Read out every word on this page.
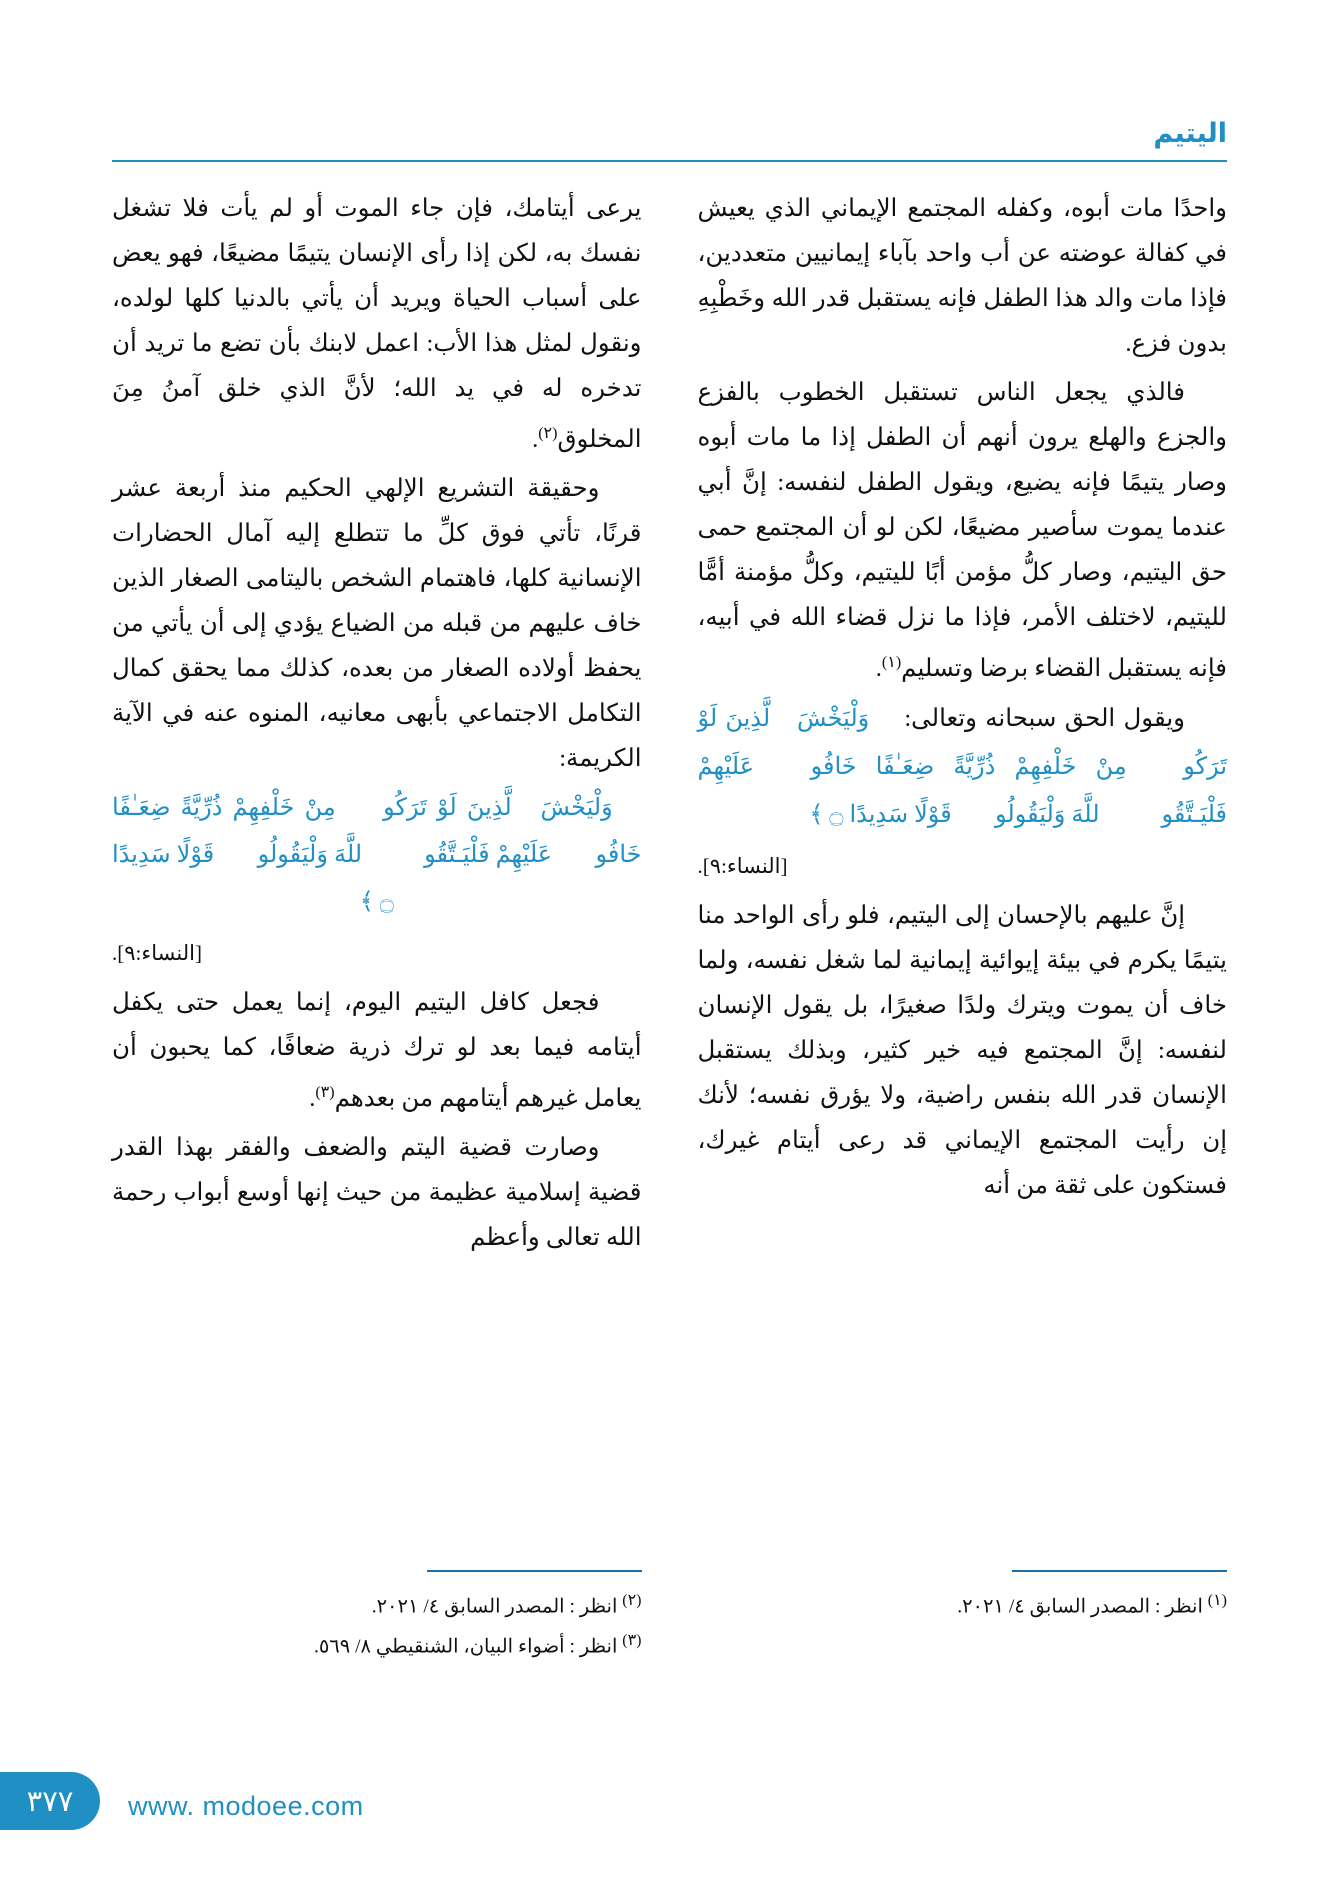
اليتيم

واحدًا مات أبوه، وكفله المجتمع الإيماني الذي يعيش في كفالة عوضته عن أب واحد بآباء إيمانيين متعددين، فإذا مات والد هذا الطفل فإنه يستقبل قدر الله وخَطْبِهِ بدون فزع.

فالذي يجعل الناس تستقبل الخطوب بالفزع والجزع والهلع يرون أنهم أن الطفل إذا ما مات أبوه وصار يتيمًا فإنه يضيع، ويقول الطفل لنفسه: إنَّ أبي عندما يموت سأصير مضيعًا، لكن لو أن المجتمع حمى حق اليتيم، وصار كلُّ مؤمن أبًا لليتيم، وكلُّ مؤمنة أمًّا لليتيم، لاختلف الأمر، فإذا ما نزل قضاء الله في أبيه، فإنه يستقبل القضاء برضا وتسليم$^{(١)}$.

ويقول الحق سبحانه وتعالى: ﴿ وَلْيَخْشَ ٱلَّذِينَ لَوْ تَرَكُوا۟ مِنْ خَلْفِهِمْ ذُرِّيَّةً ضِعَـٰفًا خَافُوا۟ عَلَيْهِمْ فَلْيَـتَّقُوا۟ ٱللَّهَ وَلْيَقُولُوا۟ قَوْلًا سَدِيدًا ۝ ﴾

[النساء:٩].

إنَّ عليهم بالإحسان إلى اليتيم، فلو رأى الواحد منا يتيمًا يكرم في بيئة إيوائية إيمانية لما شغل نفسه، ولما خاف أن يموت ويترك ولدًا صغيرًا، بل يقول الإنسان لنفسه: إنَّ المجتمع فيه خير كثير، وبذلك يستقبل الإنسان قدر الله بنفس راضية، ولا يؤرق نفسه؛ لأنك إن رأيت المجتمع الإيماني قد رعى أيتام غيرك، فستكون على ثقة من أنه

يرعى أيتامك، فإن جاء الموت أو لم يأت فلا تشغل نفسك به، لكن إذا رأى الإنسان يتيمًا مضيعًا، فهو يعض على أسباب الحياة ويريد أن يأتي بالدنيا كلها لولده، ونقول لمثل هذا الأب: اعمل لابنك بأن تضع ما تريد أن تدخره له في يد الله؛ لأنَّ الذي خلق آمنُ مِنَ المخلوق$^{(٢)}$.

وحقيقة التشريع الإلهي الحكيم منذ أربعة عشر قرنًا، تأتي فوق كلِّ ما تتطلع إليه آمال الحضارات الإنسانية كلها، فاهتمام الشخص باليتامى الصغار الذين خاف عليهم من قبله من الضياع يؤدي إلى أن يأتي من يحفظ أولاده الصغار من بعده، كذلك مما يحقق كمال التكامل الاجتماعي بأبهى معانيه، المنوه عنه في الآية الكريمة:

﴿ وَلْيَخْشَ ٱلَّذِينَ لَوْ تَرَكُوا۟ مِنْ خَلْفِهِمْ ذُرِّيَّةً ضِعَـٰفًا خَافُوا۟ عَلَيْهِمْ فَلْيَـتَّقُوا۟ ٱللَّهَ وَلْيَقُولُوا۟ قَوْلًا سَدِيدًا ۝ ﴾

[النساء:٩].

فجعل كافل اليتيم اليوم، إنما يعمل حتى يكفل أيتامه فيما بعد لو ترك ذرية ضعافًا، كما يحبون أن يعامل غيرهم أيتامهم من بعدهم$^{(٣)}$.

وصارت قضية اليتم والضعف والفقر بهذا القدر قضية إسلامية عظيمة من حيث إنها أوسع أبواب رحمة الله تعالى وأعظم

$^{(١)}$ انظر : المصدر السابق ٤/ ٢٠٢١.
$^{(٢)}$ انظر : المصدر السابق ٤/ ٢٠٢١.
$^{(٣)}$ انظر : أضواء البيان، الشنقيطي ٨/ ٥٦٩.
٣٧٧	www. modoee.com
